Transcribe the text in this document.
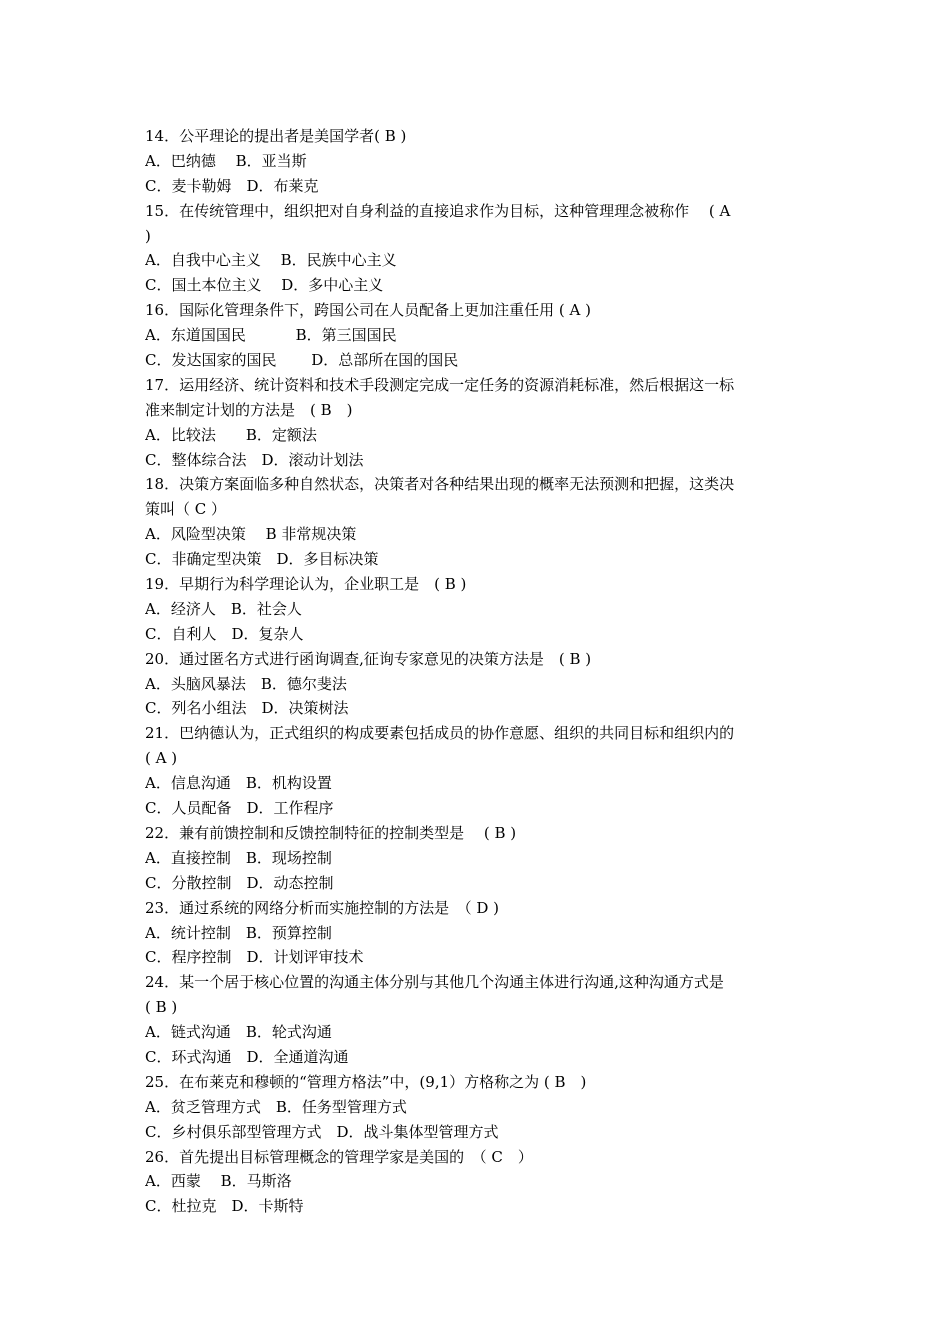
14．公平理论的提出者是美国学者( B )
A．巴纳德　 B．亚当斯
C．麦卡勒姆　D．布莱克
15．在传统管理中，组织把对自身利益的直接追求作为目标，这种管理理念被称作　 ( A
)
A．自我中心主义　 B．民族中心主义
C．国土本位主义　 D．多中心主义
16．国际化管理条件下，跨国公司在人员配备上更加注重任用 ( A )
A．东道国国民　　　 B．第三国国民
C．发达国家的国民　　 D．总部所在国的国民
17．运用经济、统计资料和技术手段测定完成一定任务的资源消耗标准，然后根据这一标
准来制定计划的方法是　( B　)
A．比较法　　B．定额法
C．整体综合法　D．滚动计划法
18．决策方案面临多种自然状态，决策者对各种结果出现的概率无法预测和把握，这类决
策叫（ C ）
A．风险型决策　 B 非常规决策
C．非确定型决策　D．多目标决策
19．早期行为科学理论认为，企业职工是　( B )
A．经济人　B．社会人
C．自利人　D．复杂人
20．通过匿名方式进行函询调查,征询专家意见的决策方法是　( B )
A．头脑风暴法　B．德尔斐法
C．列名小组法　D．决策树法
21．巴纳德认为，正式组织的构成要素包括成员的协作意愿、组织的共同目标和组织内的
( A )
A．信息沟通　B．机构设置
C．人员配备　D．工作程序
22．兼有前馈控制和反馈控制特征的控制类型是　 ( B )
A．直接控制　B．现场控制
C．分散控制　D．动态控制
23．通过系统的网络分析而实施控制的方法是　（ D )
A．统计控制　B．预算控制
C．程序控制　D．计划评审技术
24．某一个居于核心位置的沟通主体分别与其他几个沟通主体进行沟通,这种沟通方式是
( B )
A．链式沟通　B．轮式沟通
C．环式沟通　D．全通道沟通
25．在布莱克和穆顿的“管理方格法”中，(9,1）方格称之为 ( B　)
A．贫乏管理方式　B．任务型管理方式
C．乡村俱乐部型管理方式　D．战斗集体型管理方式
26．首先提出目标管理概念的管理学家是美国的　（ C　）
A．西蒙　 B．马斯洛
C．杜拉克　D．卡斯特
